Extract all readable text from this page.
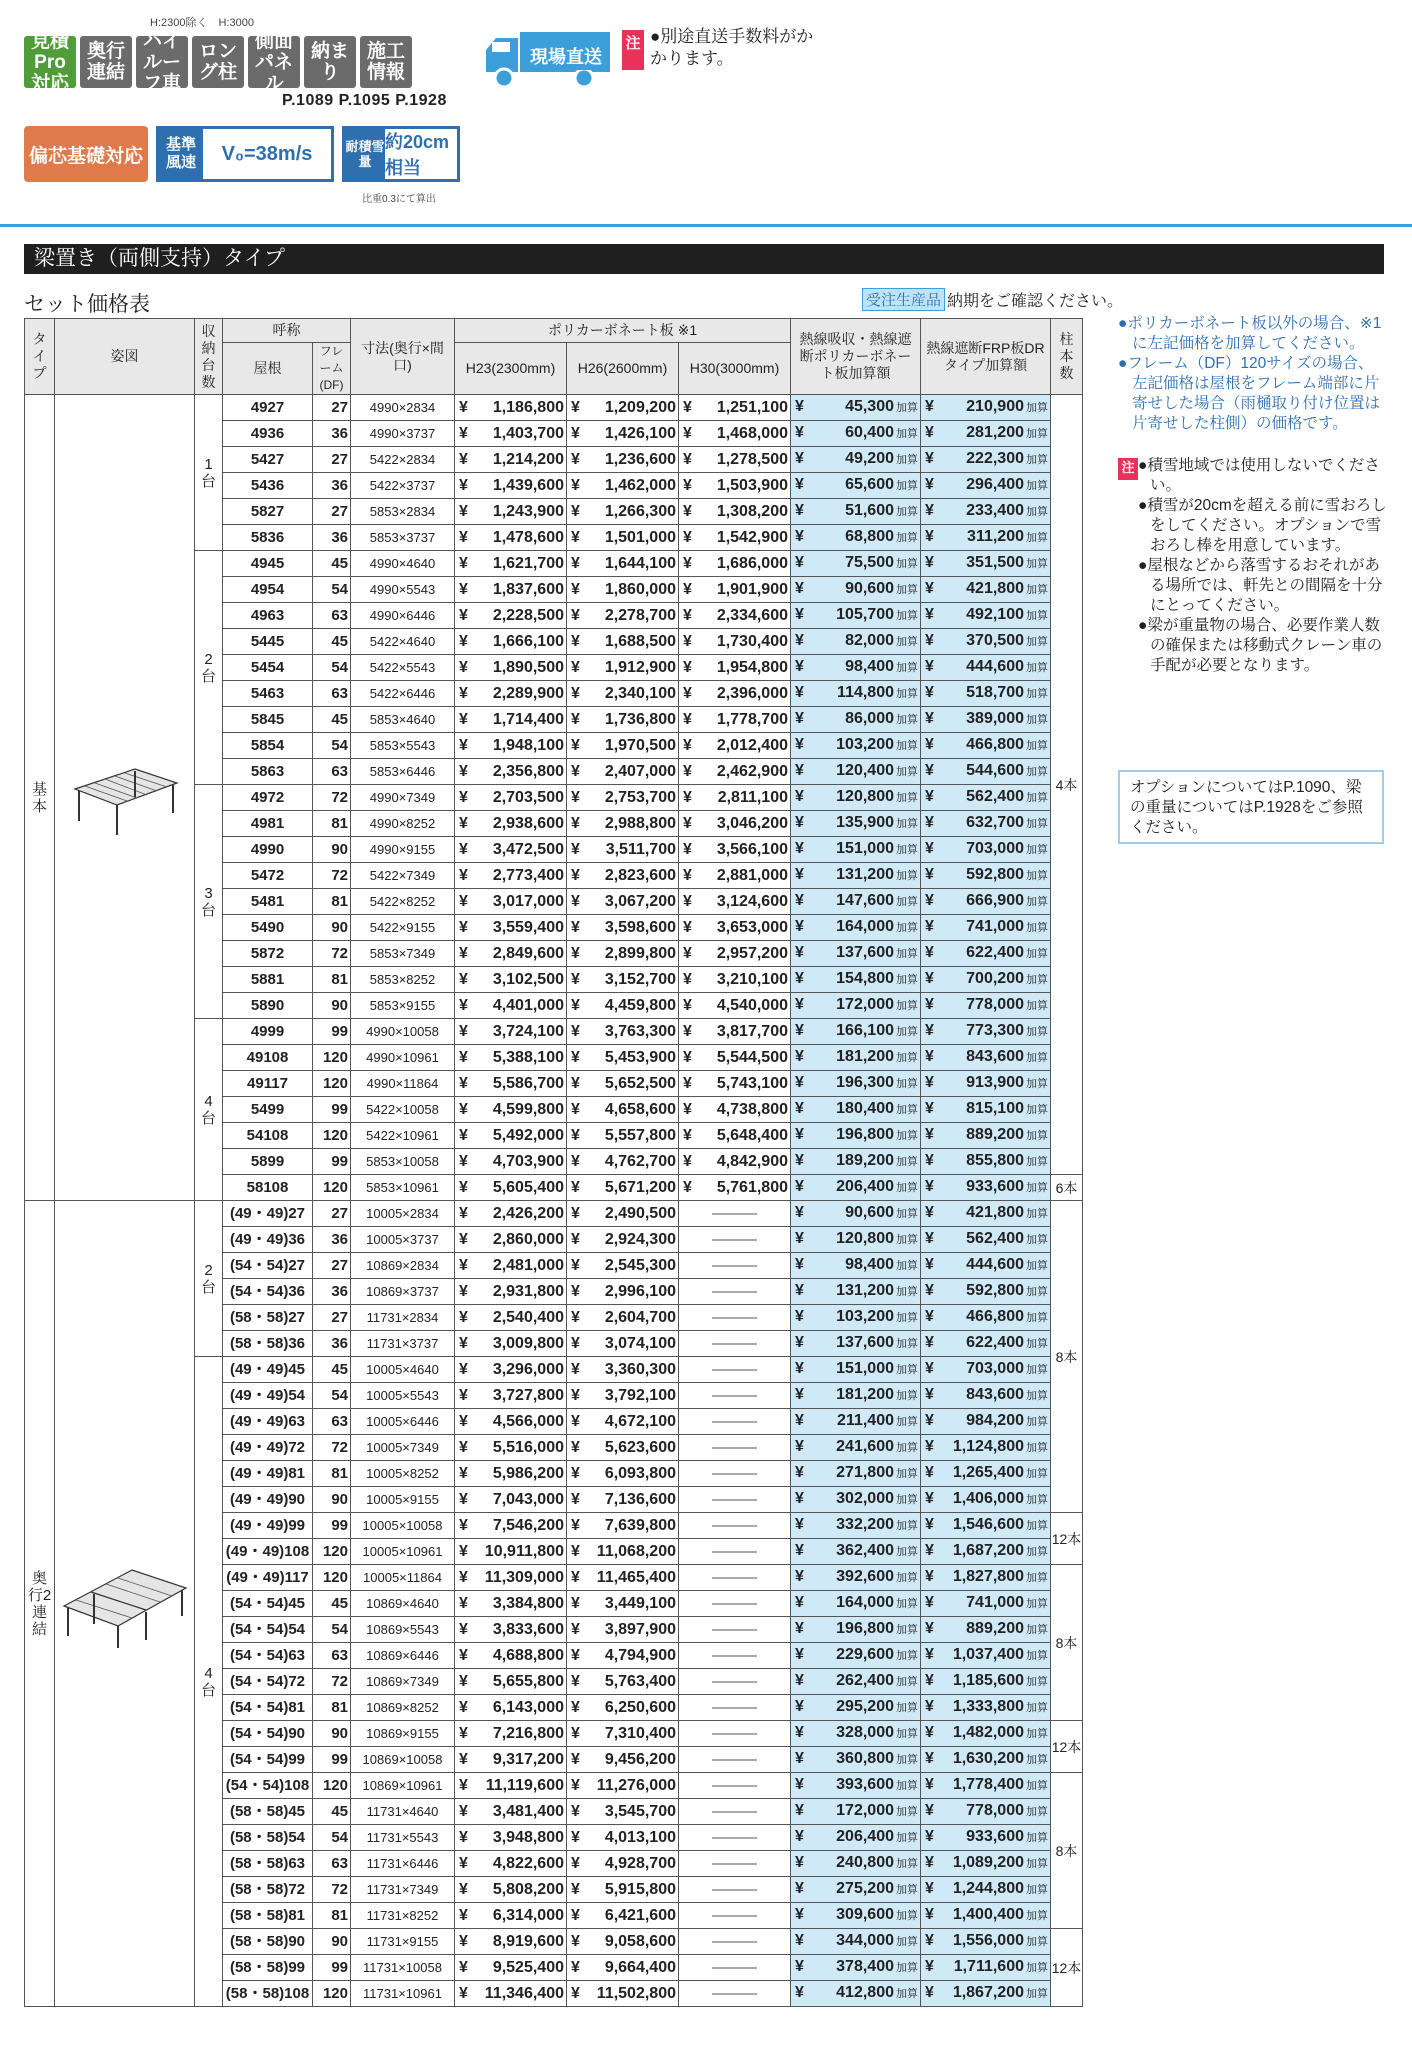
H:2300除く　H:3000
見積Pro対応
奥行連結
ハイルーフ車
ロング柱
側面パネル
納まり
施工情報
P.1089 P.1095 P.1928
現場直送
注 ●別途直送手数料がかかります。
偏芯基礎対応
基準風速	V₀=38m/s	耐積雪量
約20cm相当
比重0.3にて算出
梁置き（両側支持）タイプ
セット価格表	受注生産品 納期をご確認ください。
タイプ	姿図	収納台数	呼称		寸法(奥行×間口)	ポリカーボネート板 ※1			熱線吸収・熱線遮断ポリカーボネート板加算額	熱線遮断FRP板DRタイプ加算額	柱本数
			屋根	フレーム(DF)		H23(2300mm)	H26(2600mm)	H30(3000mm)			
基本		1台	4927	27	4990×2834	¥ 1,186,800	¥ 1,209,200	¥ 1,251,100	¥ 45,300 加算	¥ 210,900 加算	4本
			4936	36	4990×3737	¥ 1,403,700	¥ 1,426,100	¥ 1,468,000	¥ 60,400 加算	¥ 281,200 加算
			5427	27	5422×2834	¥ 1,214,200	¥ 1,236,600	¥ 1,278,500	¥ 49,200 加算	¥ 222,300 加算
			5436	36	5422×3737	¥ 1,439,600	¥ 1,462,000	¥ 1,503,900	¥ 65,600 加算	¥ 296,400 加算
			5827	27	5853×2834	¥ 1,243,900	¥ 1,266,300	¥ 1,308,200	¥ 51,600 加算	¥ 233,400 加算
			5836	36	5853×3737	¥ 1,478,600	¥ 1,501,000	¥ 1,542,900	¥ 68,800 加算	¥ 311,200 加算
		2台	4945	45	4990×4640	¥ 1,621,700	¥ 1,644,100	¥ 1,686,000	¥ 75,500 加算	¥ 351,500 加算
			4954	54	4990×5543	¥ 1,837,600	¥ 1,860,000	¥ 1,901,900	¥ 90,600 加算	¥ 421,800 加算
			4963	63	4990×6446	¥ 2,228,500	¥ 2,278,700	¥ 2,334,600	¥ 105,700 加算	¥ 492,100 加算
			5445	45	5422×4640	¥ 1,666,100	¥ 1,688,500	¥ 1,730,400	¥ 82,000 加算	¥ 370,500 加算
			5454	54	5422×5543	¥ 1,890,500	¥ 1,912,900	¥ 1,954,800	¥ 98,400 加算	¥ 444,600 加算
			5463	63	5422×6446	¥ 2,289,900	¥ 2,340,100	¥ 2,396,000	¥ 114,800 加算	¥ 518,700 加算
			5845	45	5853×4640	¥ 1,714,400	¥ 1,736,800	¥ 1,778,700	¥ 86,000 加算	¥ 389,000 加算
			5854	54	5853×5543	¥ 1,948,100	¥ 1,970,500	¥ 2,012,400	¥ 103,200 加算	¥ 466,800 加算
			5863	63	5853×6446	¥ 2,356,800	¥ 2,407,000	¥ 2,462,900	¥ 120,400 加算	¥ 544,600 加算
		3台	4972	72	4990×7349	¥ 2,703,500	¥ 2,753,700	¥ 2,811,100	¥ 120,800 加算	¥ 562,400 加算
			4981	81	4990×8252	¥ 2,938,600	¥ 2,988,800	¥ 3,046,200	¥ 135,900 加算	¥ 632,700 加算
			4990	90	4990×9155	¥ 3,472,500	¥ 3,511,700	¥ 3,566,100	¥ 151,000 加算	¥ 703,000 加算
			5472	72	5422×7349	¥ 2,773,400	¥ 2,823,600	¥ 2,881,000	¥ 131,200 加算	¥ 592,800 加算
			5481	81	5422×8252	¥ 3,017,000	¥ 3,067,200	¥ 3,124,600	¥ 147,600 加算	¥ 666,900 加算
			5490	90	5422×9155	¥ 3,559,400	¥ 3,598,600	¥ 3,653,000	¥ 164,000 加算	¥ 741,000 加算
			5872	72	5853×7349	¥ 2,849,600	¥ 2,899,800	¥ 2,957,200	¥ 137,600 加算	¥ 622,400 加算
			5881	81	5853×8252	¥ 3,102,500	¥ 3,152,700	¥ 3,210,100	¥ 154,800 加算	¥ 700,200 加算
			5890	90	5853×9155	¥ 4,401,000	¥ 4,459,800	¥ 4,540,000	¥ 172,000 加算	¥ 778,000 加算
		4台	4999	99	4990×10058	¥ 3,724,100	¥ 3,763,300	¥ 3,817,700	¥ 166,100 加算	¥ 773,300 加算
			49108	120	4990×10961	¥ 5,388,100	¥ 5,453,900	¥ 5,544,500	¥ 181,200 加算	¥ 843,600 加算
			49117	120	4990×11864	¥ 5,586,700	¥ 5,652,500	¥ 5,743,100	¥ 196,300 加算	¥ 913,900 加算
			5499	99	5422×10058	¥ 4,599,800	¥ 4,658,600	¥ 4,738,800	¥ 180,400 加算	¥ 815,100 加算
			54108	120	5422×10961	¥ 5,492,000	¥ 5,557,800	¥ 5,648,400	¥ 196,800 加算	¥ 889,200 加算
			5899	99	5853×10058	¥ 4,703,900	¥ 4,762,700	¥ 4,842,900	¥ 189,200 加算	¥ 855,800 加算
			58108	120	5853×10961	¥ 5,605,400	¥ 5,671,200	¥ 5,761,800	¥ 206,400 加算	¥ 933,600 加算	6本
奥行2連結		2台	(49・49)27	27	10005×2834	¥ 2,426,200	¥ 2,490,500	———	¥ 90,600 加算	¥ 421,800 加算	8本
			(49・49)36	36	10005×3737	¥ 2,860,000	¥ 2,924,300	———	¥ 120,800 加算	¥ 562,400 加算
			(54・54)27	27	10869×2834	¥ 2,481,000	¥ 2,545,300	———	¥ 98,400 加算	¥ 444,600 加算
			(54・54)36	36	10869×3737	¥ 2,931,800	¥ 2,996,100	———	¥ 131,200 加算	¥ 592,800 加算
			(58・58)27	27	11731×2834	¥ 2,540,400	¥ 2,604,700	———	¥ 103,200 加算	¥ 466,800 加算
			(58・58)36	36	11731×3737	¥ 3,009,800	¥ 3,074,100	———	¥ 137,600 加算	¥ 622,400 加算
		4台	(49・49)45	45	10005×4640	¥ 3,296,000	¥ 3,360,300	———	¥ 151,000 加算	¥ 703,000 加算
			(49・49)54	54	10005×5543	¥ 3,727,800	¥ 3,792,100	———	¥ 181,200 加算	¥ 843,600 加算
			(49・49)63	63	10005×6446	¥ 4,566,000	¥ 4,672,100	———	¥ 211,400 加算	¥ 984,200 加算
			(49・49)72	72	10005×7349	¥ 5,516,000	¥ 5,623,600	———	¥ 241,600 加算	¥ 1,124,800 加算
			(49・49)81	81	10005×8252	¥ 5,986,200	¥ 6,093,800	———	¥ 271,800 加算	¥ 1,265,400 加算
			(49・49)90	90	10005×9155	¥ 7,043,000	¥ 7,136,600	———	¥ 302,000 加算	¥ 1,406,000 加算
			(49・49)99	99	10005×10058	¥ 7,546,200	¥ 7,639,800	———	¥ 332,200 加算	¥ 1,546,600 加算	12本
			(49・49)108	120	10005×10961	¥ 10,911,800	¥ 11,068,200	———	¥ 362,400 加算	¥ 1,687,200 加算
			(49・49)117	120	10005×11864	¥ 11,309,000	¥ 11,465,400	———	¥ 392,600 加算	¥ 1,827,800 加算	8本
			(54・54)45	45	10869×4640	¥ 3,384,800	¥ 3,449,100	———	¥ 164,000 加算	¥ 741,000 加算
			(54・54)54	54	10869×5543	¥ 3,833,600	¥ 3,897,900	———	¥ 196,800 加算	¥ 889,200 加算
			(54・54)63	63	10869×6446	¥ 4,688,800	¥ 4,794,900	———	¥ 229,600 加算	¥ 1,037,400 加算
			(54・54)72	72	10869×7349	¥ 5,655,800	¥ 5,763,400	———	¥ 262,400 加算	¥ 1,185,600 加算
			(54・54)81	81	10869×8252	¥ 6,143,000	¥ 6,250,600	———	¥ 295,200 加算	¥ 1,333,800 加算
			(54・54)90	90	10869×9155	¥ 7,216,800	¥ 7,310,400	———	¥ 328,000 加算	¥ 1,482,000 加算	12本
			(54・54)99	99	10869×10058	¥ 9,317,200	¥ 9,456,200	———	¥ 360,800 加算	¥ 1,630,200 加算
			(54・54)108	120	10869×10961	¥ 11,119,600	¥ 11,276,000	———	¥ 393,600 加算	¥ 1,778,400 加算	8本
			(58・58)45	45	11731×4640	¥ 3,481,400	¥ 3,545,700	———	¥ 172,000 加算	¥ 778,000 加算
			(58・58)54	54	11731×5543	¥ 3,948,800	¥ 4,013,100	———	¥ 206,400 加算	¥ 933,600 加算
			(58・58)63	63	11731×6446	¥ 4,822,600	¥ 4,928,700	———	¥ 240,800 加算	¥ 1,089,200 加算
			(58・58)72	72	11731×7349	¥ 5,808,200	¥ 5,915,800	———	¥ 275,200 加算	¥ 1,244,800 加算
			(58・58)81	81	11731×8252	¥ 6,314,000	¥ 6,421,600	———	¥ 309,600 加算	¥ 1,400,400 加算
			(58・58)90	90	11731×9155	¥ 8,919,600	¥ 9,058,600	———	¥ 344,000 加算	¥ 1,556,000 加算	12本
			(58・58)99	99	11731×10058	¥ 9,525,400	¥ 9,664,400	———	¥ 378,400 加算	¥ 1,711,600 加算
			(58・58)108	120	11731×10961	¥ 11,346,400	¥ 11,502,800	———	¥ 412,800 加算	¥ 1,867,200 加算

●ポリカーボネート板以外の場合、※1に左記価格を加算してください。

●フレーム（DF）120サイズの場合、左記価格は屋根をフレーム端部に片寄せした場合（雨樋取り付け位置は片寄せした柱側）の価格です。

注 ●積雪地域では使用しないでください。

●積雪が20cmを超える前に雪おろしをしてください。オプションで雪おろし棒を用意しています。

●屋根などから落雪するおそれがある場所では、軒先との間隔を十分にとってください。

●梁が重量物の場合、必要作業人数の確保または移動式クレーン車の手配が必要となります。

オプションについてはP.1090、梁の重量についてはP.1928をご参照ください。
